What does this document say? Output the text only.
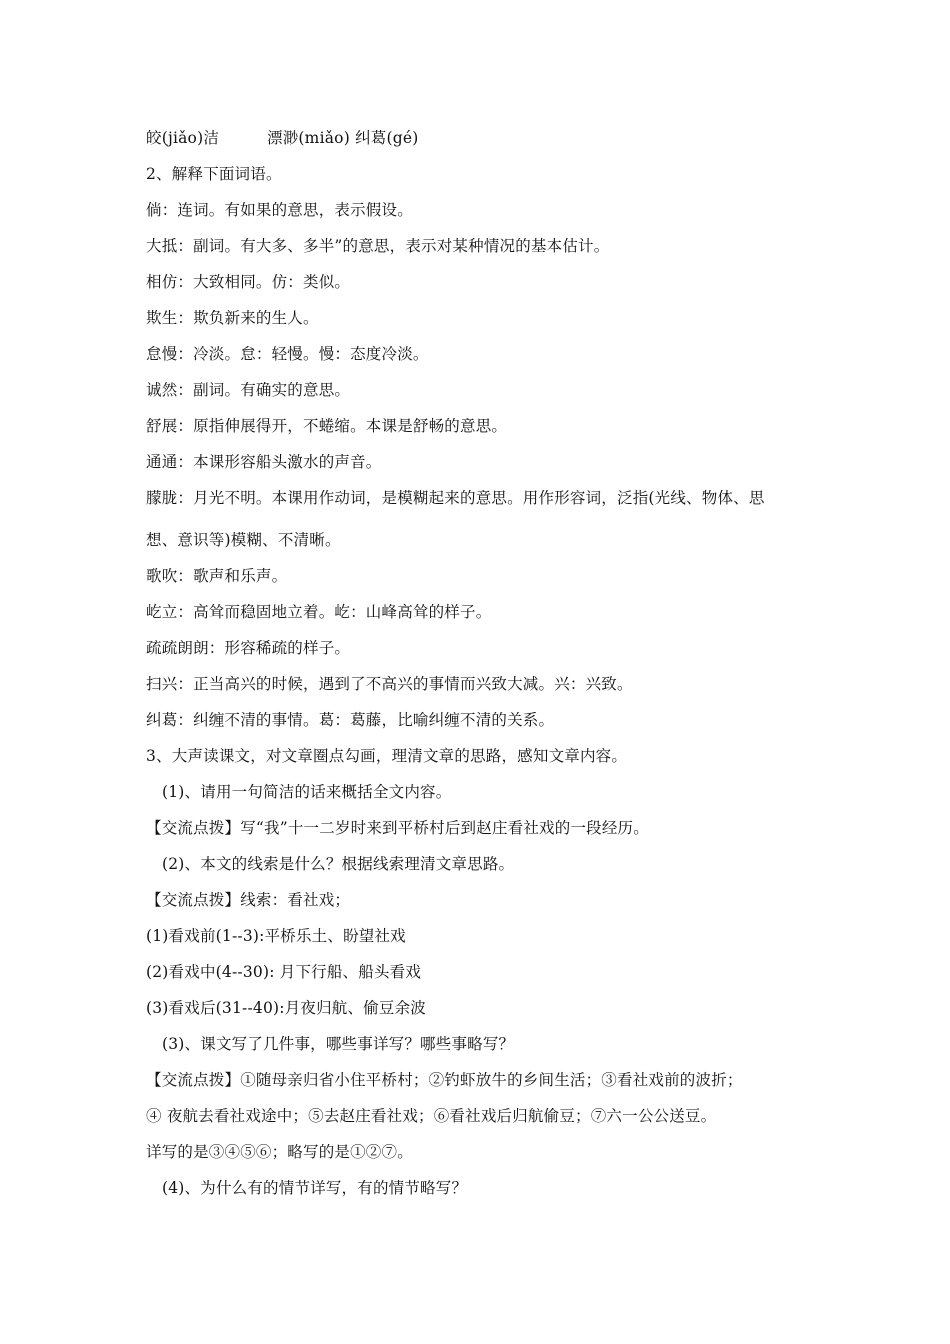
皎(jiǎo)洁	漂渺(miǎo) 纠葛(gé)
2、解释下面词语。
倘：连词。有如果的意思，表示假设。
大抵：副词。有大多、多半”的意思，表示对某种情况的基本估计。
相仿：大致相同。仿：类似。
欺生：欺负新来的生人。
怠慢：冷淡。怠：轻慢。慢：态度冷淡。
诚然：副词。有确实的意思。
舒展：原指伸展得开，不蜷缩。本课是舒畅的意思。
通通：本课形容船头激水的声音。
朦胧：月光不明。本课用作动词，是模糊起来的意思。用作形容词，泛指(光线、物体、思
想、意识等)模糊、不清晰。
歌吹：歌声和乐声。
屹立：高耸而稳固地立着。屹：山峰高耸的样子。
疏疏朗朗：形容稀疏的样子。
扫兴：正当高兴的时候，遇到了不高兴的事情而兴致大减。兴：兴致。
纠葛：纠缠不清的事情。葛：葛藤，比喻纠缠不清的关系。
3、大声读课文，对文章圈点勾画，理清文章的思路，感知文章内容。
(1)、请用一句简洁的话来概括全文内容。
【交流点拨】写“我”十一二岁时来到平桥村后到赵庄看社戏的一段经历。
(2)、本文的线索是什么？根据线索理清文章思路。
【交流点拨】线索：看社戏；
(1)看戏前(1--3):平桥乐土、盼望社戏
(2)看戏中(4--30): 月下行船、船头看戏
(3)看戏后(31--40):月夜归航、偷豆余波
(3)、课文写了几件事，哪些事详写？哪些事略写？
【交流点拨】①随母亲归省小住平桥村；②钓虾放牛的乡间生活；③看社戏前的波折；
④ 夜航去看社戏途中；⑤去赵庄看社戏；⑥看社戏后归航偷豆；⑦六一公公送豆。
详写的是③④⑤⑥；略写的是①②⑦。
(4)、为什么有的情节详写，有的情节略写？
